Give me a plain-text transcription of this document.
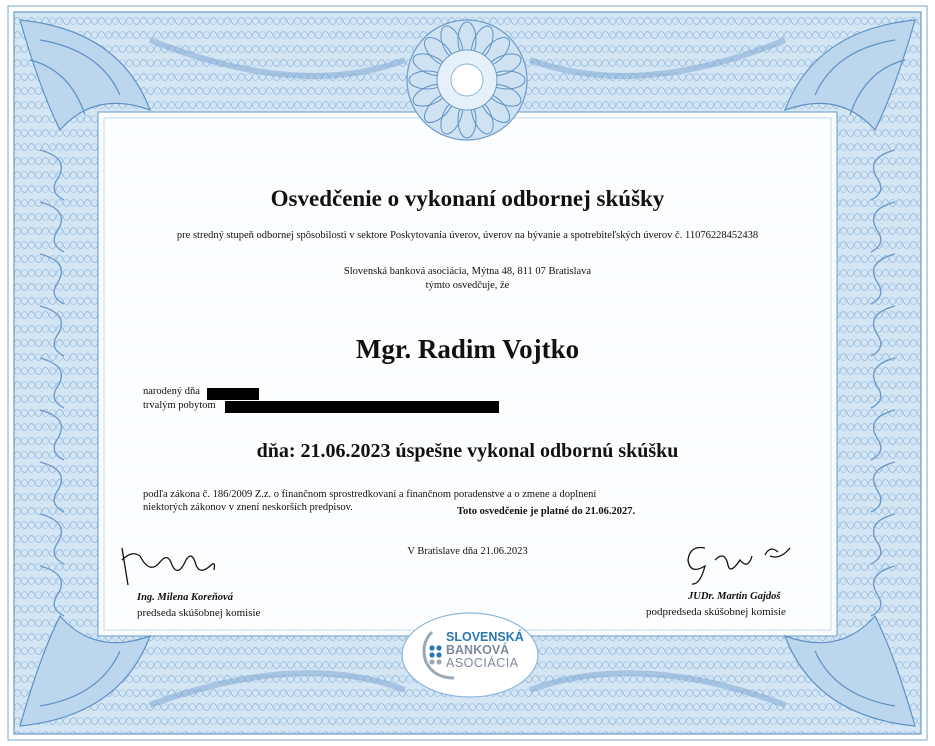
Osvedčenie o vykonaní odbornej skúšky
pre stredný stupeň odbornej spôsobilosti v sektore Poskytovania úverov, úverov na bývanie a spotrebiteľských úverov č. 11076228452438
Slovenská banková asociácia, Mýtna 48, 811 07 Bratislava
týmto osvedčuje, že
Mgr. Radim Vojtko
narodený dňa
trvalým pobytom
dňa: 21.06.2023 úspešne vykonal odbornú skúšku
podľa zákona č. 186/2009 Z.z. o finančnom sprostredkovaní a finančnom poradenstve a o zmene a doplnení
niektorých zákonov v znení neskorších predpisov.	Toto osvedčenie je platné do 21.06.2027.
V Bratislave dňa 21.06.2023
Ing. Milena Koreňová
predseda skúšobnej komisie
JUDr. Martin Gajdoš
podpredseda skúšobnej komisie
SLOVENSKÁ
BANKOVÁ
ASOCIÁCIA
